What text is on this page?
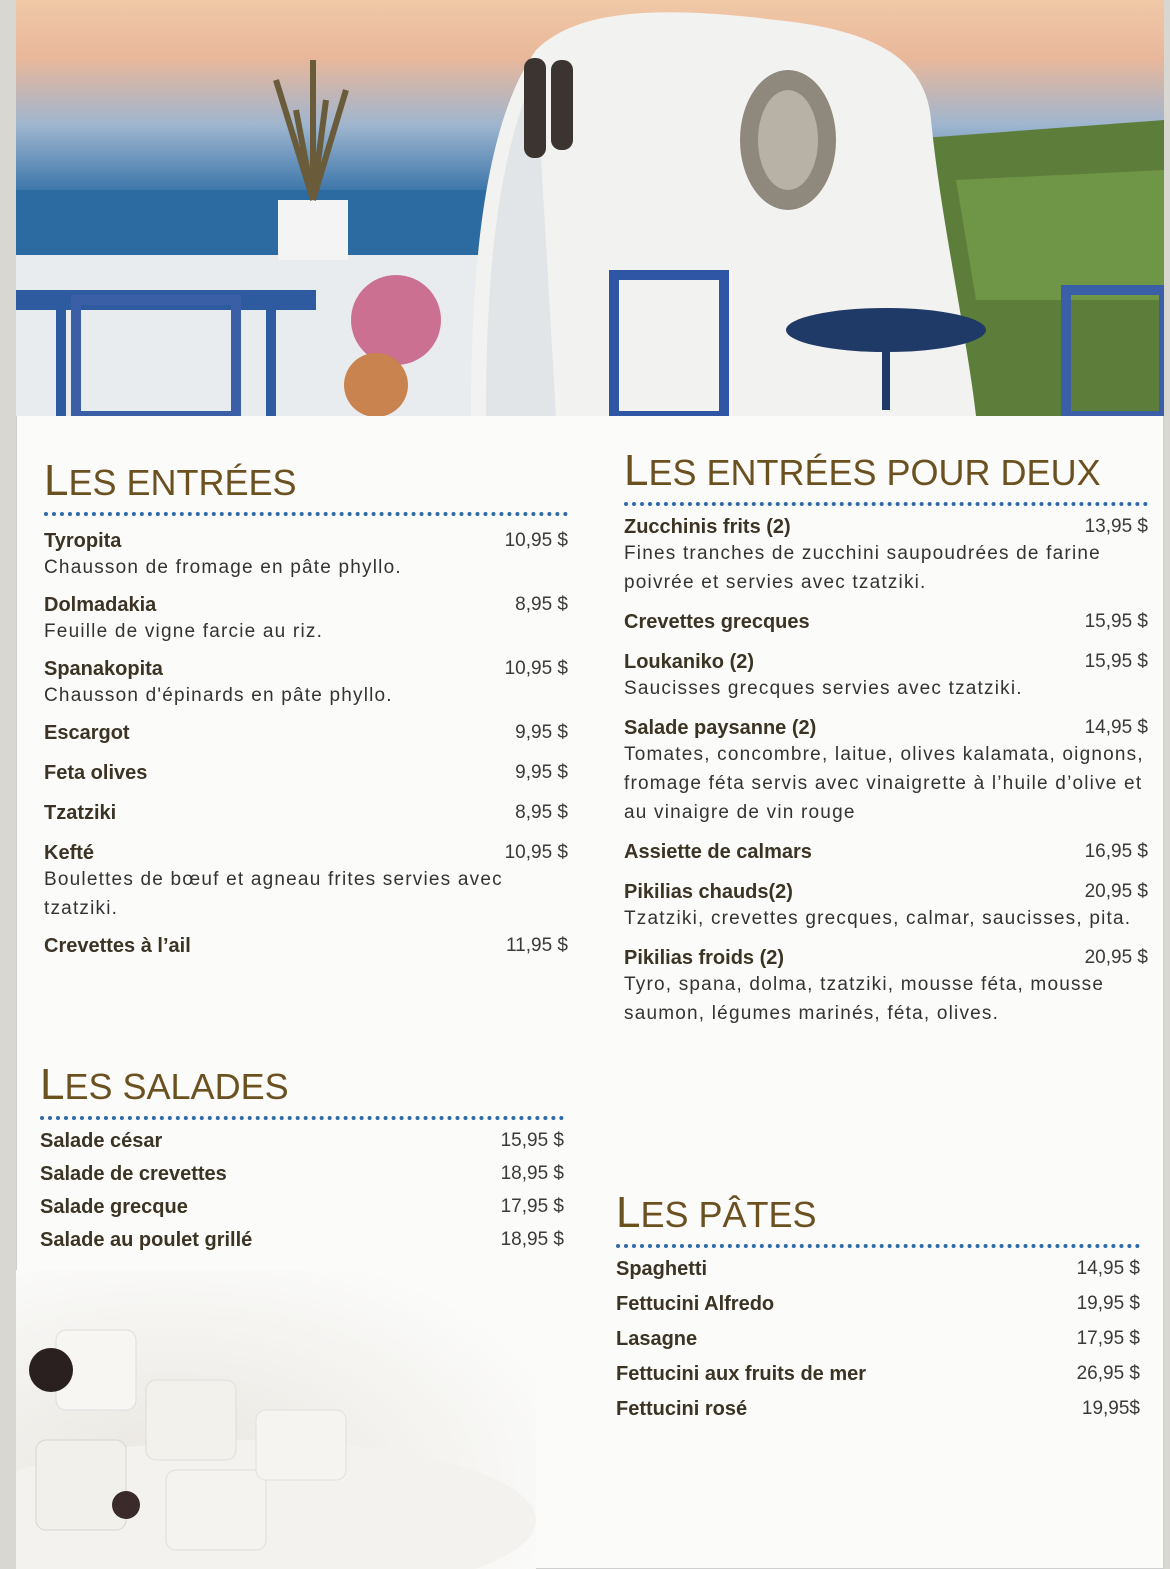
LES ENTRÉES
Tyropita	10,95 $
Chausson de fromage en pâte phyllo.
Dolmadakia	8,95 $
Feuille de vigne farcie au riz.
Spanakopita	10,95 $
Chausson d'épinards en pâte phyllo.
Escargot	9,95 $
Feta olives	9,95 $
Tzatziki	8,95 $
Kefté	10,95 $
Boulettes de bœuf et agneau frites servies avec tzatziki.
Crevettes à l’ail	11,95 $
LES SALADES
Salade césar	15,95 $
Salade de crevettes	18,95 $
Salade grecque	17,95 $
Salade au poulet grillé	18,95 $
LES ENTRÉES POUR DEUX
Zucchinis frits (2)	13,95 $
Fines tranches de zucchini saupoudrées de farine poivrée et servies avec tzatziki.
Crevettes grecques	15,95 $
Loukaniko (2)	15,95 $
Saucisses grecques servies avec tzatziki.
Salade paysanne (2)	14,95 $
Tomates, concombre, laitue, olives kalamata, oignons, fromage féta servis avec vinaigrette à l’huile d’olive et au vinaigre de vin rouge
Assiette de calmars	16,95 $
Pikilias chauds(2)	20,95 $
Tzatziki, crevettes grecques, calmar, saucisses, pita.
Pikilias froids (2)	20,95 $
Tyro, spana, dolma, tzatziki, mousse féta, mousse saumon, légumes marinés, féta, olives.
LES PÂTES
Spaghetti	14,95 $
Fettucini Alfredo	19,95 $
Lasagne	17,95 $
Fettucini aux fruits de mer	26,95 $
Fettucini rosé	19,95$
